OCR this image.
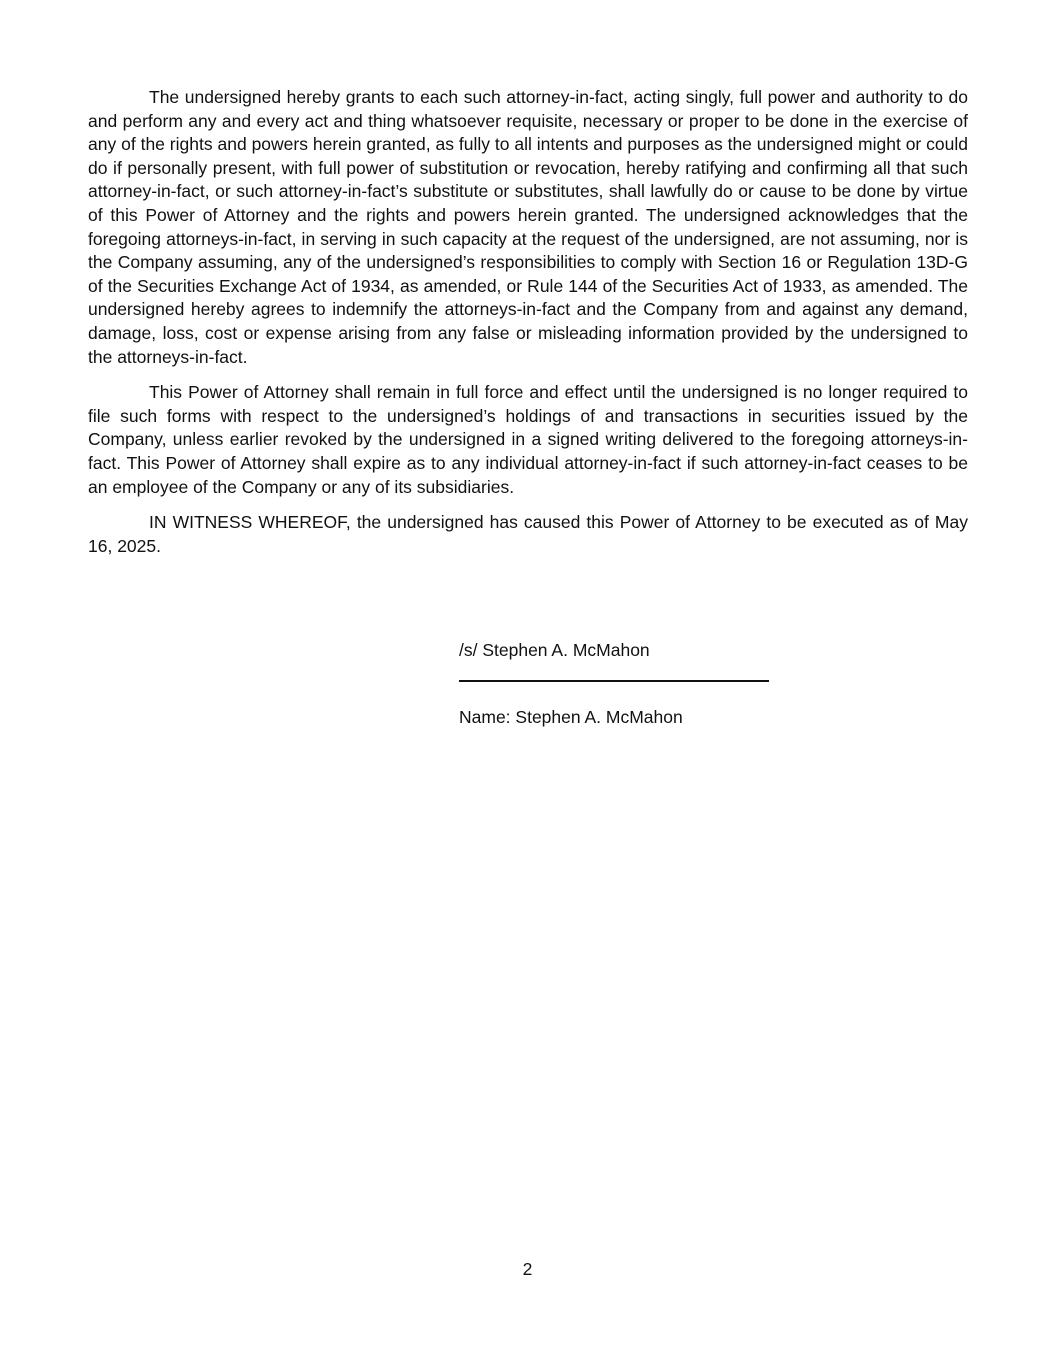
The undersigned hereby grants to each such attorney-in-fact, acting singly, full power and authority to do and perform any and every act and thing whatsoever requisite, necessary or proper to be done in the exercise of any of the rights and powers herein granted, as fully to all intents and purposes as the undersigned might or could do if personally present, with full power of substitution or revocation, hereby ratifying and confirming all that such attorney-in-fact, or such attorney-in-fact’s substitute or substitutes, shall lawfully do or cause to be done by virtue of this Power of Attorney and the rights and powers herein granted. The undersigned acknowledges that the foregoing attorneys-in-fact, in serving in such capacity at the request of the undersigned, are not assuming, nor is the Company assuming, any of the undersigned’s responsibilities to comply with Section 16 or Regulation 13D-G of the Securities Exchange Act of 1934, as amended, or Rule 144 of the Securities Act of 1933, as amended. The undersigned hereby agrees to indemnify the attorneys-in-fact and the Company from and against any demand, damage, loss, cost or expense arising from any false or misleading information provided by the undersigned to the attorneys-in-fact.

This Power of Attorney shall remain in full force and effect until the undersigned is no longer required to file such forms with respect to the undersigned’s holdings of and transactions in securities issued by the Company, unless earlier revoked by the undersigned in a signed writing delivered to the foregoing attorneys-in-fact. This Power of Attorney shall expire as to any individual attorney-in-fact if such attorney-in-fact ceases to be an employee of the Company or any of its subsidiaries.

IN WITNESS WHEREOF, the undersigned has caused this Power of Attorney to be executed as of May 16, 2025.

/s/ Stephen A. McMahon

Name: Stephen A. McMahon

2
